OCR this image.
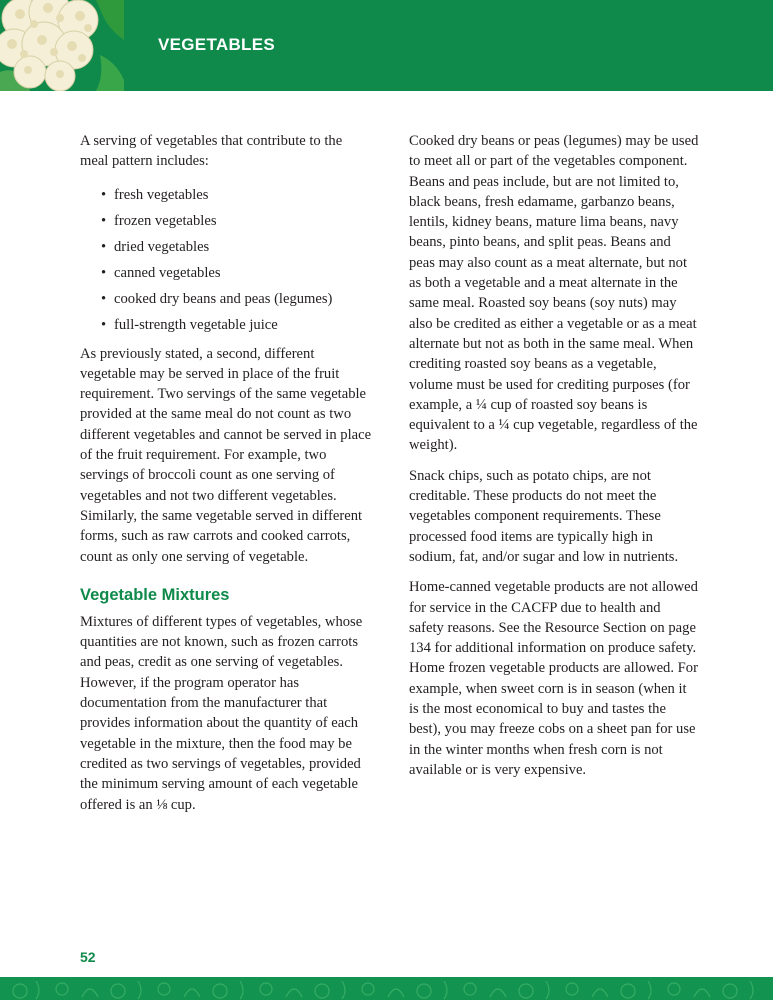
VEGETABLES

A serving of vegetables that contribute to the meal pattern includes:

• fresh vegetables
• frozen vegetables
• dried vegetables
• canned vegetables
• cooked dry beans and peas (legumes)
• full-strength vegetable juice

As previously stated, a second, different vegetable may be served in place of the fruit requirement. Two servings of the same vegetable provided at the same meal do not count as two different vegetables and cannot be served in place of the fruit requirement. For example, two servings of broccoli count as one serving of vegetables and not two different vegetables. Similarly, the same vegetable served in different forms, such as raw carrots and cooked carrots, count as only one serving of vegetable.

Vegetable Mixtures

Mixtures of different types of vegetables, whose quantities are not known, such as frozen carrots and peas, credit as one serving of vegetables. However, if the program operator has documentation from the manufacturer that provides information about the quantity of each vegetable in the mixture, then the food may be credited as two servings of vegetables, provided the minimum serving amount of each vegetable offered is an ⅛ cup.

Cooked dry beans or peas (legumes) may be used to meet all or part of the vegetables component. Beans and peas include, but are not limited to, black beans, fresh edamame, garbanzo beans, lentils, kidney beans, mature lima beans, navy beans, pinto beans, and split peas. Beans and peas may also count as a meat alternate, but not as both a vegetable and a meat alternate in the same meal. Roasted soy beans (soy nuts) may also be credited as either a vegetable or as a meat alternate but not as both in the same meal. When crediting roasted soy beans as a vegetable, volume must be used for crediting purposes (for example, a ¼ cup of roasted soy beans is equivalent to a ¼ cup vegetable, regardless of the weight).

Snack chips, such as potato chips, are not creditable. These products do not meet the vegetables component requirements. These processed food items are typically high in sodium, fat, and/or sugar and low in nutrients.

Home-canned vegetable products are not allowed for service in the CACFP due to health and safety reasons. See the Resource Section on page 134 for additional information on produce safety. Home frozen vegetable products are allowed. For example, when sweet corn is in season (when it is the most economical to buy and tastes the best), you may freeze cobs on a sheet pan for use in the winter months when fresh corn is not available or is very expensive.

52
